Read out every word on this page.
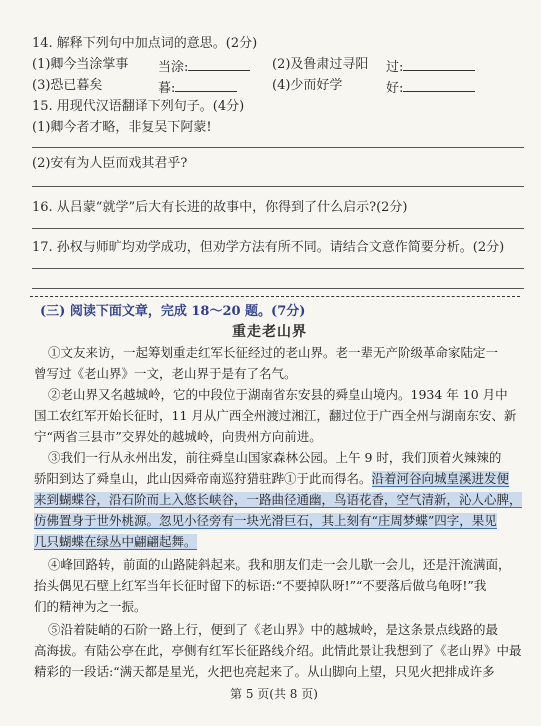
14. 解释下列句中加点词的意思。(2分)
(1)卿今当涂掌事 当涂:	(2)及鲁肃过寻阳 过:
(3)恐已暮矣	暮:	(4)少而好学	好:
15. 用现代汉语翻译下列句子。(4分)
(1)卿今者才略，非复吴下阿蒙!
(2)安有为人臣而戏其君乎?
16. 从吕蒙“就学”后大有长进的故事中，你得到了什么启示?(2分)
17. 孙权与师旷均劝学成功，但劝学方法有所不同。请结合文意作简要分析。(2分)
(三) 阅读下面文章，完成 18～20 题。(7分)
重走老山界
①文友来访，一起筹划重走红军长征经过的老山界。老一辈无产阶级革命家陆定一
曾写过《老山界》一文，老山界于是有了名气。
②老山界又名越城岭，它的中段位于湖南省东安县的舜皇山境内。1934 年 10 月中
国工农红军开始长征时，11 月从广西全州渡过湘江，翻过位于广西全州与湖南东安、新
宁“两省三县市”交界处的越城岭，向贵州方向前进。
③我们一行从永州出发，前往舜皇山国家森林公园。上午 9 时，我们顶着火辣辣的
骄阳到达了舜皇山，此山因舜帝南巡狩猎驻跸①于此而得名。沿着河谷向城皇溪进发便
来到蝴蝶谷，沿石阶而上入悠长峡谷，一路曲径通幽，鸟语花香，空气清新，沁人心脾，
仿佛置身于世外桃源。忽见小径旁有一块光滑巨石，其上刻有“庄周梦蝶”四字，果见
几只蝴蝶在绿丛中翩翩起舞。
④峰回路转，前面的山路陡斜起来。我和朋友们走一会儿歇一会儿，还是汗流满面，
抬头偶见石壁上红军当年长征时留下的标语:“不要掉队呀!”“不要落后做乌龟呀!”我
们的精神为之一振。
⑤沿着陡峭的石阶一路上行，便到了《老山界》中的越城岭，是这条景点线路的最
高海拔。有陆公亭在此，亭侧有红军长征路线介绍。此情此景让我想到了《老山界》中最
精彩的一段话:“满天都是星光，火把也亮起来了。从山脚向上望，只见火把排成许多
第 5 页(共 8 页)
